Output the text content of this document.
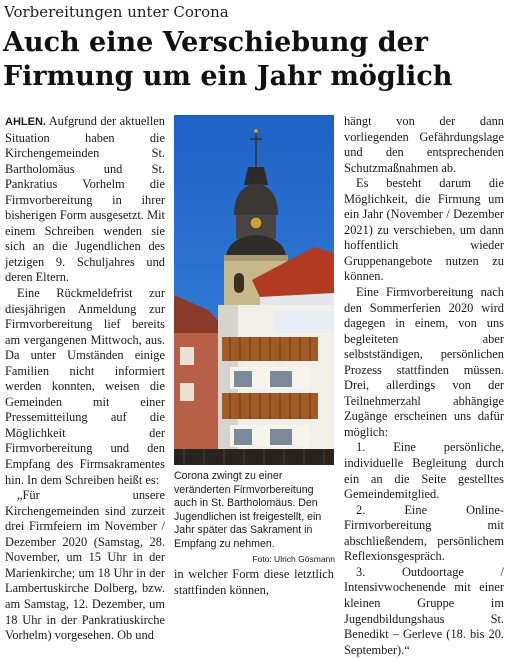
Vorbereitungen unter Corona
Auch eine Verschiebung der Firmung um ein Jahr möglich

AHLEN. Aufgrund der aktuellen Situation haben die Kirchengemeinden St. Bartholomäus und St. Pankratius Vorhelm die Firmvorbereitung in ihrer bisherigen Form ausgesetzt. Mit einem Schreiben wenden sie sich an die Jugendlichen des jetzigen 9. Schuljahres und deren Eltern.

Eine Rückmeldefrist zur diesjährigen Anmeldung zur Firmvorbereitung lief bereits am vergangenen Mittwoch, aus. Da unter Umständen einige Familien nicht informiert werden konnten, weisen die Gemeinden mit einer Pressemitteilung auf die Möglichkeit der Firmvorbereitung und den Empfang des Firmsakramentes hin. In dem Schreiben heißt es:

„Für unsere Kirchengemeinden sind zurzeit drei Firmfeiern im November / Dezember 2020 (Samstag, 28. November, um 15 Uhr in der Marienkirche; um 18 Uhr in der Lambertuskirche Dolberg, bzw. am Samstag, 12. Dezember, um 18 Uhr in der Pankratiuskirche Vorhelm) vorgesehen. Ob und

Corona zwingt zu einer veränderten Firmvorbereitung auch in St. Bartholomäus. Den Jugendlichen ist freigestellt, ein Jahr später das Sakrament in Empfang zu nehmen.
Foto: Ulrich Gösmann

in welcher Form diese letztlich stattfinden können,

hängt von der dann vorliegenden Gefährdungslage und den entsprechenden Schutzmaßnahmen ab.

Es besteht darum die Möglichkeit, die Firmung um ein Jahr (November / Dezember 2021) zu verschieben, um dann hoffentlich wieder Gruppenangebote nutzen zu können.

Eine Firmvorbereitung nach den Sommerferien 2020 wird dagegen in einem, von uns begleiteten aber selbstständigen, persönlichen Prozess stattfinden müssen. Drei, allerdings von der Teilnehmerzahl abhängige Zugänge erscheinen uns dafür möglich:

1. Eine persönliche, individuelle Begleitung durch ein an die Seite gestelltes Gemeindemitglied.

2. Eine Online-Firmvorbereitung mit abschließendem, persönlichem Reflexionsgespräch.

3. Outdoortage / Intensivwochenende mit einer kleinen Gruppe im Jugendbildungshaus St. Benedikt – Gerleve (18. bis 20. September).“
